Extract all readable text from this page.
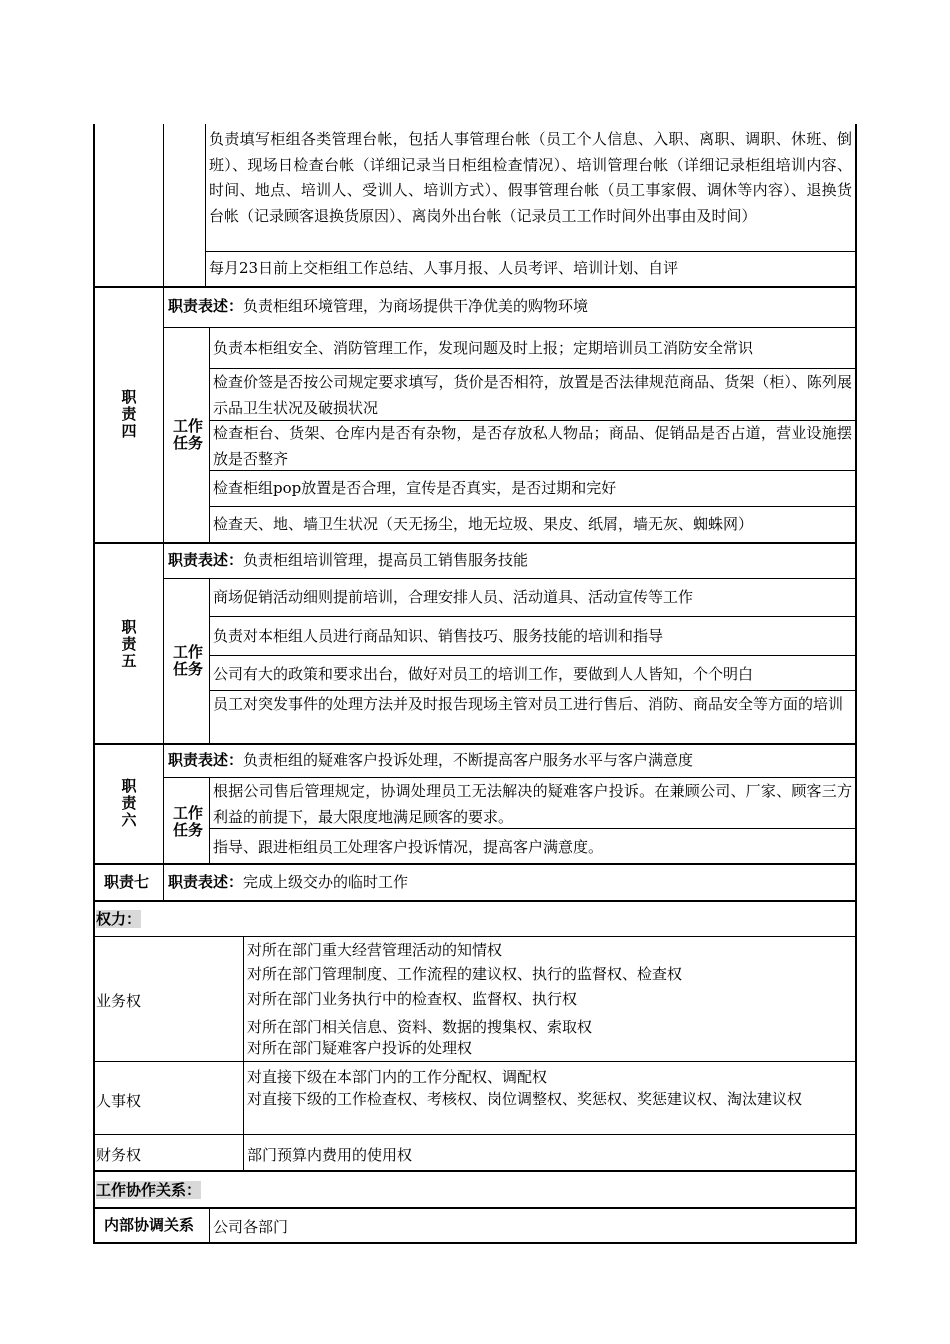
负责填写柜组各类管理台帐，包括人事管理台帐（员工个人信息、入职、离职、调职、休班、倒班）、现场日检查台帐（详细记录当日柜组检查情况）、培训管理台帐（详细记录柜组培训内容、时间、地点、培训人、受训人、培训方式）、假事管理台帐（员工事家假、调休等内容）、退换货台帐（记录顾客退换货原因）、离岗外出台帐（记录员工工作时间外出事由及时间）
每月23日前上交柜组工作总结、人事月报、人员考评、培训计划、自评
职
责
四
职责表述：负责柜组环境管理，为商场提供干净优美的购物环境
工作
任务
负责本柜组安全、消防管理工作，发现问题及时上报；定期培训员工消防安全常识
检查价签是否按公司规定要求填写，货价是否相符，放置是否法律规范商品、货架（柜）、陈列展示品卫生状况及破损状况
检查柜台、货架、仓库内是否有杂物，是否存放私人物品；商品、促销品是否占道，营业设施摆放是否整齐
检查柜组pop放置是否合理，宣传是否真实，是否过期和完好
检查天、地、墙卫生状况（天无扬尘，地无垃圾、果皮、纸屑，墙无灰、蜘蛛网）
职
责
五
职责表述：负责柜组培训管理，提高员工销售服务技能
工作
任务
商场促销活动细则提前培训，合理安排人员、活动道具、活动宣传等工作
负责对本柜组人员进行商品知识、销售技巧、服务技能的培训和指导
公司有大的政策和要求出台，做好对员工的培训工作，要做到人人皆知，个个明白
员工对突发事件的处理方法并及时报告现场主管对员工进行售后、消防、商品安全等方面的培训
职
责
六
职责表述：负责柜组的疑难客户投诉处理，不断提高客户服务水平与客户满意度
工作
任务
根据公司售后管理规定，协调处理员工无法解决的疑难客户投诉。在兼顾公司、厂家、顾客三方利益的前提下，最大限度地满足顾客的要求。
指导、跟进柜组员工处理客户投诉情况，提高客户满意度。
职责七 职责表述：完成上级交办的临时工作
权力：
业务权
对所在部门重大经营管理活动的知情权
对所在部门管理制度、工作流程的建议权、执行的监督权、检查权
对所在部门业务执行中的检查权、监督权、执行权
对所在部门相关信息、资料、数据的搜集权、索取权
对所在部门疑难客户投诉的处理权
人事权
对直接下级在本部门内的工作分配权、调配权
对直接下级的工作检查权、考核权、岗位调整权、奖惩权、奖惩建议权、淘汰建议权
财务权	部门预算内费用的使用权
工作协作关系：
内部协调关系 公司各部门
